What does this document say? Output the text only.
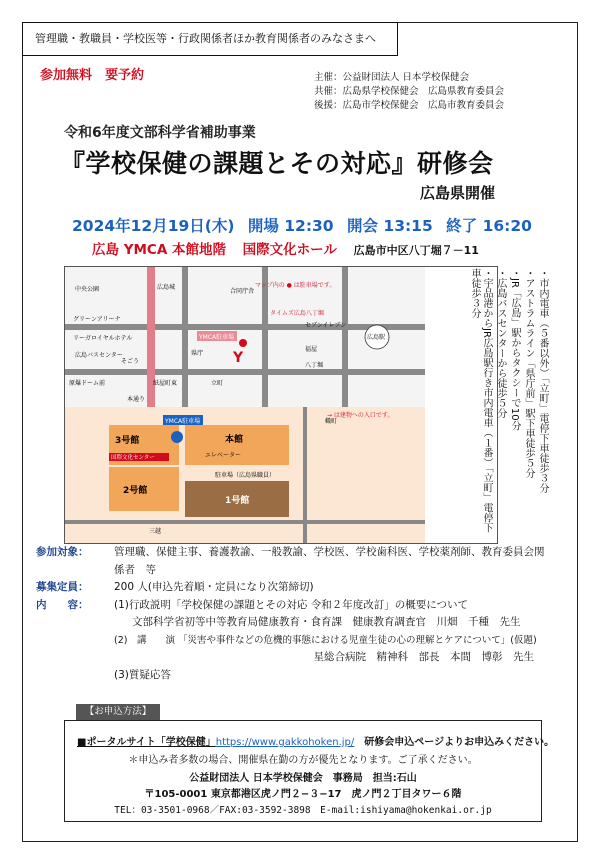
管理職・教職員・学校医等・行政関係者ほか教育関係者のみなさまへ
参加無料　要予約	主催：公益財団法人 日本学校保健会
共催：広島県学校保健会　広島県教育委員会
後援：広島市学校保健会　広島市教育委員会
令和6年度文部科学省補助事業
『学校保健の課題とその対応』研修会
広島県開催
2024年12月19日(木) 開場 12:30 開会 13:15 終了 16:20
広島 YMCA 本館地階 国際文化ホール 広島市中区八丁堀７－11
中央公園	広島城
合同庁舎
グリーンアリーナ
リーガロイヤルホテル
広島バスセンター	県庁
そごう
原爆ドーム前	紙屋町東
本通り
立町
YMCA駐車場
タイムズ広島八丁堀
セブンイレブン
福屋
八丁堀
広島駅
マップ内の ● は駐車場です。
Y
YMCA駐車場
3号館
2号館
1号館
本館
エレベーター
駐車場（広島県職員）
国際文化センター
幟町
→ は建物への入口です。
三越
・市内電車（５番以外）「立町」電停下車徒歩３分
・アストラムライン「県庁前」駅下車徒歩５分
・JR「広島」駅からタクシーで10分
・広島バスセンターから徒歩５分
・宇品港からJR広島駅行き市内電車（１番）「立町」電停下車徒歩３分
参加対象： 管理職、保健主事、養護教諭、一般教諭、学校医、学校歯科医、学校薬剤師、教育委員会関係者　等
募集定員： 200 人(申込先着順・定員になり次第締切)
内　　容： (1)行政説明「学校保健の課題とその対応 令和２年度改訂」の概要について
文部科学省初等中等教育局健康教育・食育課　健康教育調査官　川畑　千種　先生
(2)　講　　演 「災害や事件などの危機的事態における児童生徒の心の理解とケアについて」(仮題)
星総合病院　精神科　部長　本間　博彰　先生
(3)質疑応答
【お申込方法】
■ポータルサイト「学校保健」https://www.gakkohoken.jp/　研修会申込ページよりお申込みください。
＊申込み者多数の場合、開催県在勤の方が優先となります。ご了承ください。
公益財団法人 日本学校保健会　事務局　担当:石山
〒105-0001 東京都港区虎ノ門２−３−17　虎ノ門２丁目タワー６階
TEL：03-3501-0968／FAX:03-3592-3898　E-mail:ishiyama@hokenkai.or.jp
